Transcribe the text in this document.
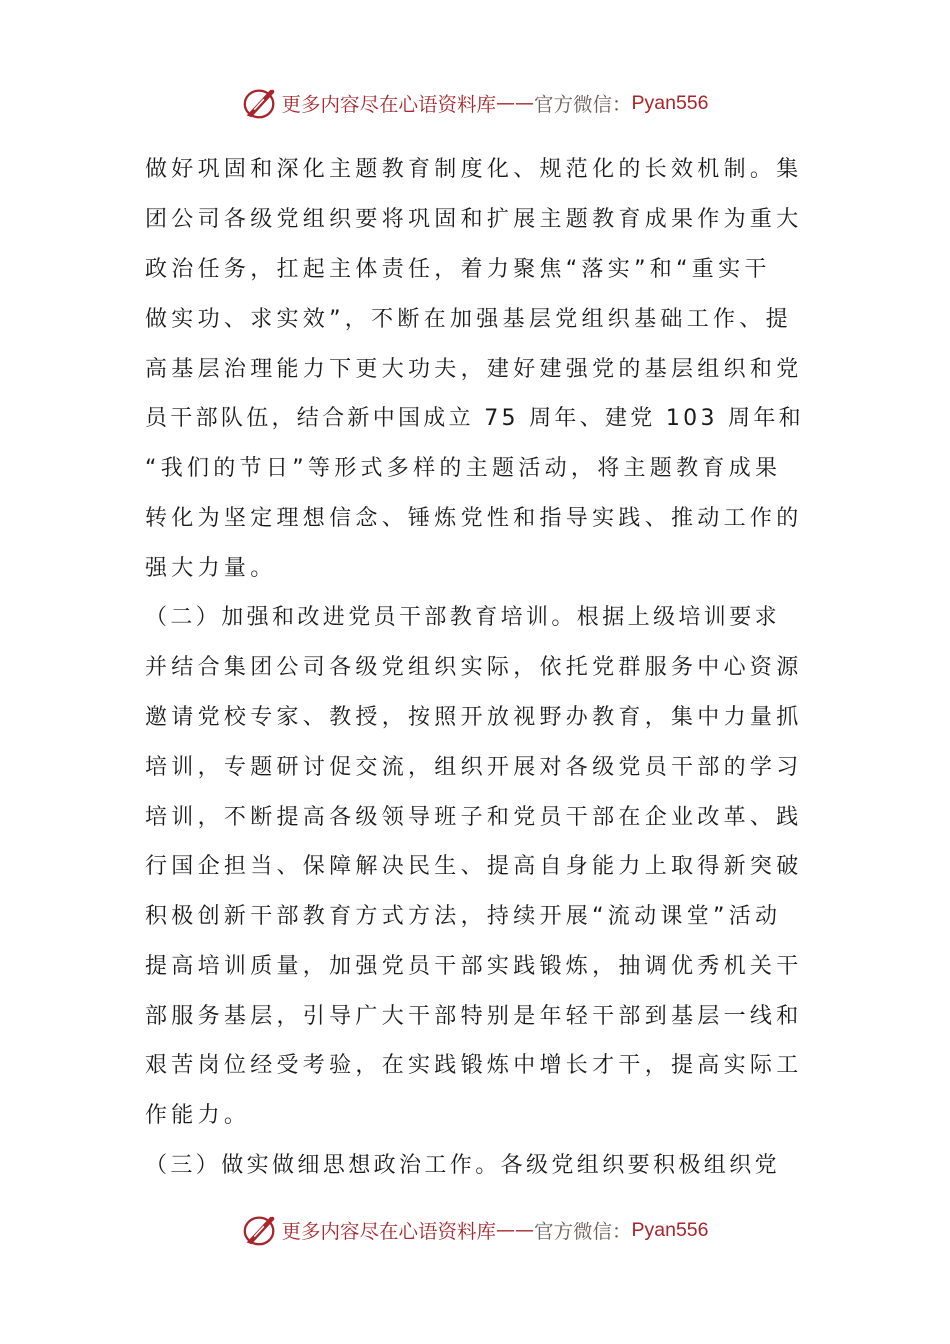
更多内容尽在心语资料库 —— 官方微信： Pyan556
做好巩固和深化主题教育制度化、规范化的长效机制。集
团公司各级党组织要将巩固和扩展主题教育成果作为重大
政治任务，扛起主体责任，着力聚焦“落实”和“重实干
做实功、求实效”，不断在加强基层党组织基础工作、提
高基层治理能力下更大功夫，建好建强党的基层组织和党
员干部队伍，结合新中国成立 75 周年、建党 103 周年和
“我们的节日”等形式多样的主题活动，将主题教育成果
转化为坚定理想信念、锤炼党性和指导实践、推动工作的
强大力量。
（二）加强和改进党员干部教育培训。根据上级培训要求
并结合集团公司各级党组织实际，依托党群服务中心资源
邀请党校专家、教授，按照开放视野办教育，集中力量抓
培训，专题研讨促交流，组织开展对各级党员干部的学习
培训，不断提高各级领导班子和党员干部在企业改革、践
行国企担当、保障解决民生、提高自身能力上取得新突破
积极创新干部教育方式方法，持续开展“流动课堂”活动
提高培训质量，加强党员干部实践锻炼，抽调优秀机关干
部服务基层，引导广大干部特别是年轻干部到基层一线和
艰苦岗位经受考验，在实践锻炼中增长才干，提高实际工
作能力。
（三）做实做细思想政治工作。各级党组织要积极组织党
更多内容尽在心语资料库 —— 官方微信： Pyan556
